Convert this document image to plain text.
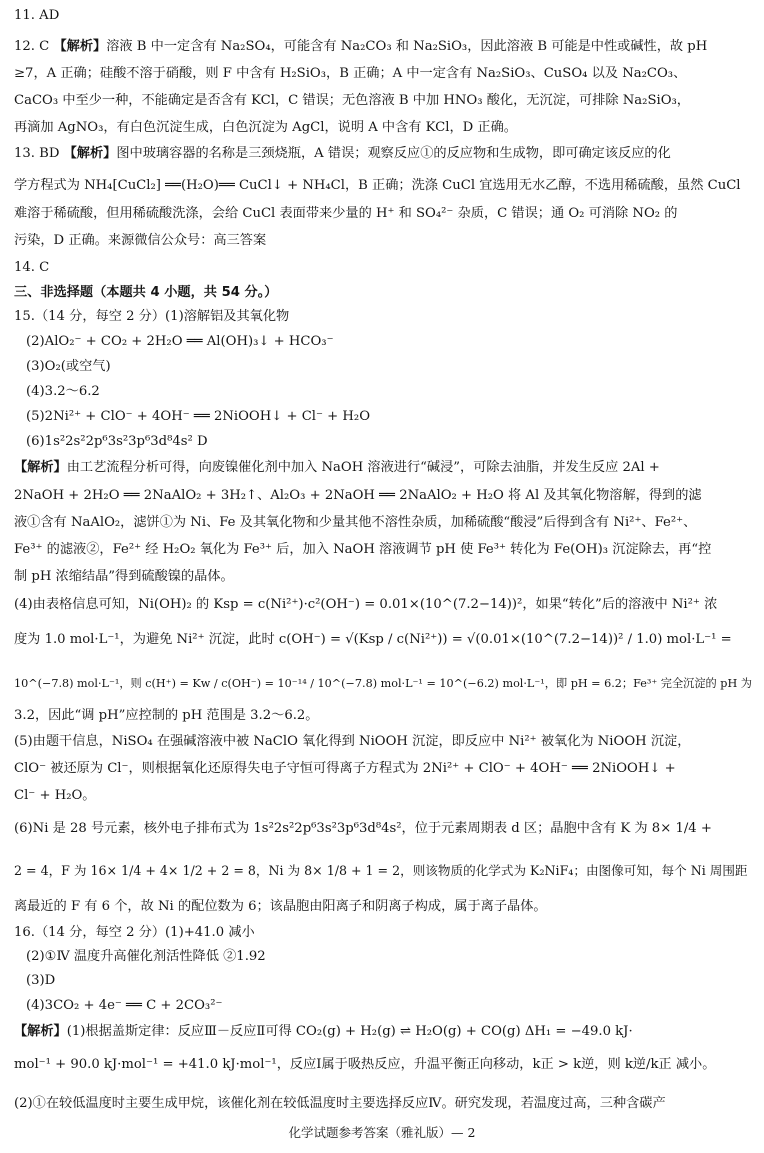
11. AD
12. C 【解析】溶液 B 中一定含有 Na₂SO₄，可能含有 Na₂CO₃ 和 Na₂SiO₃，因此溶液 B 可能是中性或碱性，故 pH
≥7，A 正确；硅酸不溶于硝酸，则 F 中含有 H₂SiO₃，B 正确；A 中一定含有 Na₂SiO₃、CuSO₄ 以及 Na₂CO₃、
CaCO₃ 中至少一种，不能确定是否含有 KCl，C 错误；无色溶液 B 中加 HNO₃ 酸化，无沉淀，可排除 Na₂SiO₃，
再滴加 AgNO₃，有白色沉淀生成，白色沉淀为 AgCl，说明 A 中含有 KCl，D 正确。
13. BD 【解析】图中玻璃容器的名称是三颈烧瓶，A 错误；观察反应①的反应物和生成物，即可确定该反应的化
学方程式为 NH₄[CuCl₂] ══(H₂O)══ CuCl↓ + NH₄Cl，B 正确；洗涤 CuCl 宜选用无水乙醇，不选用稀硫酸，虽然 CuCl
难溶于稀硫酸，但用稀硫酸洗涤，会给 CuCl 表面带来少量的 H⁺ 和 SO₄²⁻ 杂质，C 错误；通 O₂ 可消除 NO₂ 的
污染，D 正确。来源微信公众号：高三答案
14. C
三、非选择题（本题共 4 小题，共 54 分。）
15.（14 分，每空 2 分）(1)溶解铝及其氧化物
(2)AlO₂⁻ + CO₂ + 2H₂O ══ Al(OH)₃↓ + HCO₃⁻
(3)O₂(或空气)
(4)3.2～6.2
(5)2Ni²⁺ + ClO⁻ + 4OH⁻ ══ 2NiOOH↓ + Cl⁻ + H₂O
(6)1s²2s²2p⁶3s²3p⁶3d⁸4s² D
【解析】由工艺流程分析可得，向废镍催化剂中加入 NaOH 溶液进行“碱浸”，可除去油脂，并发生反应 2Al +
2NaOH + 2H₂O ══ 2NaAlO₂ + 3H₂↑、Al₂O₃ + 2NaOH ══ 2NaAlO₂ + H₂O 将 Al 及其氧化物溶解，得到的滤
液①含有 NaAlO₂，滤饼①为 Ni、Fe 及其氧化物和少量其他不溶性杂质，加稀硫酸“酸浸”后得到含有 Ni²⁺、Fe²⁺、
Fe³⁺ 的滤液②，Fe²⁺ 经 H₂O₂ 氧化为 Fe³⁺ 后，加入 NaOH 溶液调节 pH 使 Fe³⁺ 转化为 Fe(OH)₃ 沉淀除去，再“控
制 pH 浓缩结晶”得到硫酸镍的晶体。
(4)由表格信息可知，Ni(OH)₂ 的 Ksp = c(Ni²⁺)·c²(OH⁻) = 0.01×(10^(7.2−14))²，如果“转化”后的溶液中 Ni²⁺ 浓
度为 1.0 mol·L⁻¹，为避免 Ni²⁺ 沉淀，此时 c(OH⁻) = √(Ksp / c(Ni²⁺)) = √(0.01×(10^(7.2−14))² / 1.0) mol·L⁻¹ =
10^(−7.8) mol·L⁻¹，则 c(H⁺) = Kw / c(OH⁻) = 10⁻¹⁴ / 10^(−7.8) mol·L⁻¹ = 10^(−6.2) mol·L⁻¹，即 pH = 6.2；Fe³⁺ 完全沉淀的 pH 为
3.2，因此“调 pH”应控制的 pH 范围是 3.2～6.2。
(5)由题干信息，NiSO₄ 在强碱溶液中被 NaClO 氧化得到 NiOOH 沉淀，即反应中 Ni²⁺ 被氧化为 NiOOH 沉淀，
ClO⁻ 被还原为 Cl⁻，则根据氧化还原得失电子守恒可得离子方程式为 2Ni²⁺ + ClO⁻ + 4OH⁻ ══ 2NiOOH↓ +
Cl⁻ + H₂O。
(6)Ni 是 28 号元素，核外电子排布式为 1s²2s²2p⁶3s²3p⁶3d⁸4s²，位于元素周期表 d 区；晶胞中含有 K 为 8× 1/4 +
2 = 4，F 为 16× 1/4 + 4× 1/2 + 2 = 8，Ni 为 8× 1/8 + 1 = 2，则该物质的化学式为 K₂NiF₄；由图像可知，每个 Ni 周围距
离最近的 F 有 6 个，故 Ni 的配位数为 6；该晶胞由阳离子和阴离子构成，属于离子晶体。
16.（14 分，每空 2 分）(1)+41.0 减小
(2)①Ⅳ 温度升高催化剂活性降低 ②1.92
(3)D
(4)3CO₂ + 4e⁻ ══ C + 2CO₃²⁻
【解析】(1)根据盖斯定律：反应Ⅲ－反应Ⅱ可得 CO₂(g) + H₂(g) ⇌ H₂O(g) + CO(g) ΔH₁ = −49.0 kJ·
mol⁻¹ + 90.0 kJ·mol⁻¹ = +41.0 kJ·mol⁻¹，反应Ⅰ属于吸热反应，升温平衡正向移动，k正 > k逆，则 k逆/k正 减小。
(2)①在较低温度时主要生成甲烷，该催化剂在较低温度时主要选择反应Ⅳ。研究发现，若温度过高，三种含碳产
化学试题参考答案（雅礼版）— 2
